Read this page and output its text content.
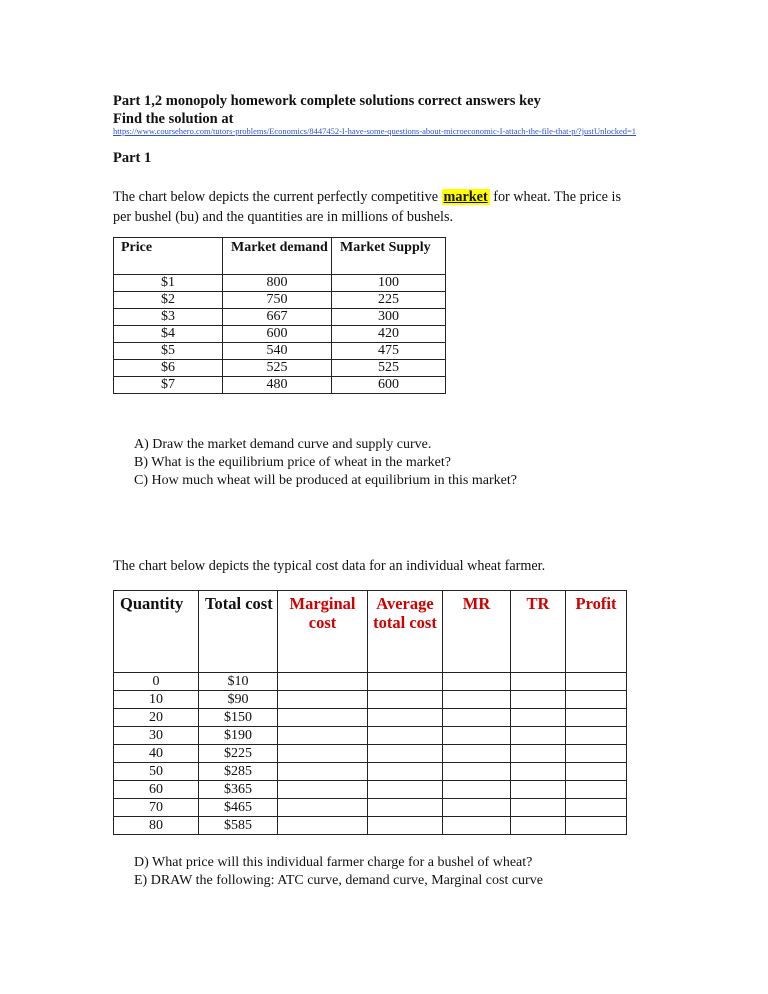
Part 1,2 monopoly homework complete solutions correct answers key
Find the solution at
https://www.coursehero.com/tutors-problems/Economics/8447452-I-have-some-questions-about-microeconomic-I-attach-the-file-that-p/?justUnlocked=1
Part 1
The chart below depicts the current perfectly competitive market for wheat. The price is
per bushel (bu) and the quantities are in millions of bushels.
Price	Market demand	Market Supply
$1	800	100
$2	750	225
$3	667	300
$4	600	420
$5	540	475
$6	525	525
$7	480	600
A) Draw the market demand curve and supply curve.
B) What is the equilibrium price of wheat in the market?
C) How much wheat will be produced at equilibrium in this market?
The chart below depicts the typical cost data for an individual wheat farmer.
Quantity	Total cost	Marginal cost	Average total cost	MR	TR	Profit
0	$10					
10	$90					
20	$150					
30	$190					
40	$225					
50	$285					
60	$365					
70	$465					
80	$585					
D) What price will this individual farmer charge for a bushel of wheat?
E) DRAW the following: ATC curve, demand curve, Marginal cost curve
